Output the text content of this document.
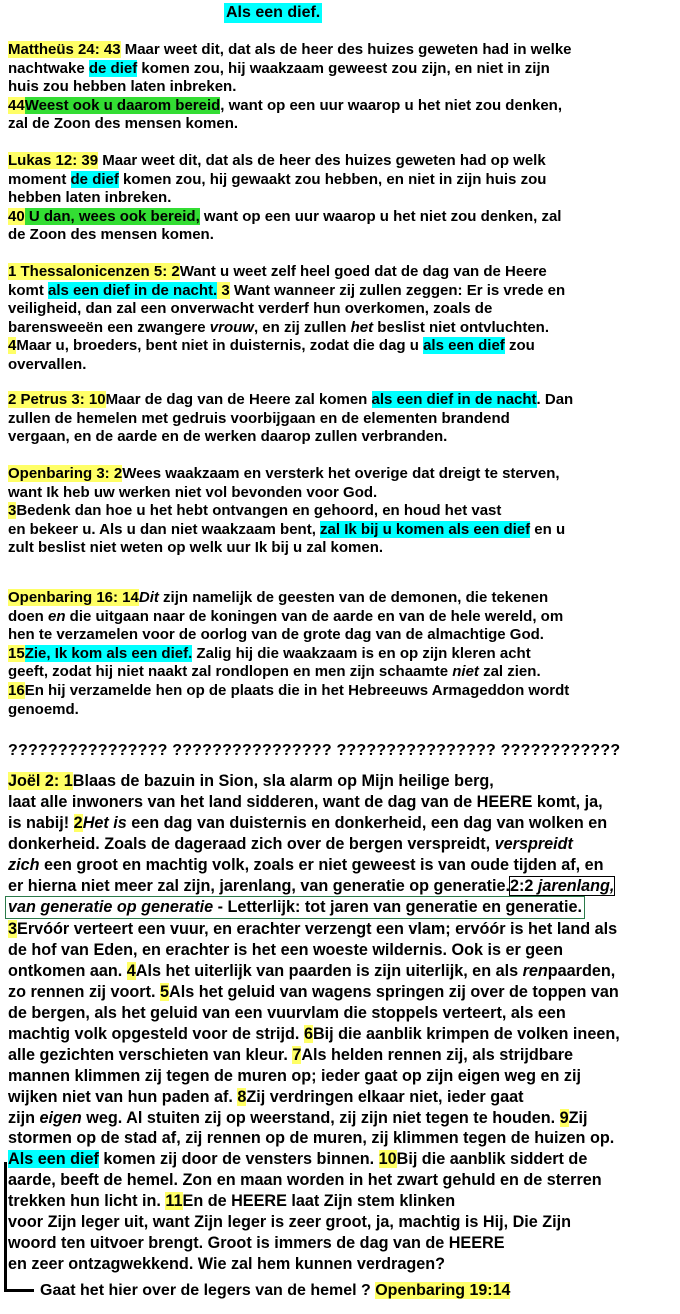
Als een dief.
Mattheüs 24: 43 Maar weet dit, dat als de heer des huizes geweten had in welke
nachtwake de dief komen zou, hij waakzaam geweest zou zijn, en niet in zijn
huis zou hebben laten inbreken.
44Weest ook u daarom bereid, want op een uur waarop u het niet zou denken,
zal de Zoon des mensen komen.
Lukas 12: 39 Maar weet dit, dat als de heer des huizes geweten had op welk
moment de dief komen zou, hij gewaakt zou hebben, en niet in zijn huis zou
hebben laten inbreken.
40 U dan, wees ook bereid, want op een uur waarop u het niet zou denken, zal
de Zoon des mensen komen.
1 Thessalonicenzen 5: 2Want u weet zelf heel goed dat de dag van de Heere
komt als een dief in de nacht. 3 Want wanneer zij zullen zeggen: Er is vrede en
veiligheid, dan zal een onverwacht verderf hun overkomen, zoals de
barensweeën een zwangere vrouw, en zij zullen het beslist niet ontvluchten.
4Maar u, broeders, bent niet in duisternis, zodat die dag u als een dief zou
overvallen.
2 Petrus 3: 10Maar de dag van de Heere zal komen als een dief in de nacht. Dan
zullen de hemelen met gedruis voorbijgaan en de elementen brandend
vergaan, en de aarde en de werken daarop zullen verbranden.
Openbaring 3: 2Wees waakzaam en versterk het overige dat dreigt te sterven,
want Ik heb uw werken niet vol bevonden voor God.
3Bedenk dan hoe u het hebt ontvangen en gehoord, en houd het vast
en bekeer u. Als u dan niet waakzaam bent, zal Ik bij u komen als een dief en u
zult beslist niet weten op welk uur Ik bij u zal komen.
Openbaring 16: 14Dit zijn namelijk de geesten van de demonen, die tekenen
doen en die uitgaan naar de koningen van de aarde en van de hele wereld, om
hen te verzamelen voor de oorlog van de grote dag van de almachtige God.
15Zie, Ik kom als een dief. Zalig hij die waakzaam is en op zijn kleren acht
geeft, zodat hij niet naakt zal rondlopen en men zijn schaamte niet zal zien.
16En hij verzamelde hen op de plaats die in het Hebreeuws Armageddon wordt
genoemd.
???????????????? ???????????????? ???????????????? ????????????
Joël 2: 1Blaas de bazuin in Sion, sla alarm op Mijn heilige berg,
laat alle inwoners van het land sidderen, want de dag van de HEERE komt, ja,
is nabij! 2Het is een dag van duisternis en donkerheid, een dag van wolken en
donkerheid. Zoals de dageraad zich over de bergen verspreidt, verspreidt
zich een groot en machtig volk, zoals er niet geweest is van oude tijden af, en
er hierna niet meer zal zijn, jarenlang, van generatie op generatie.2:2 jarenlang,
van generatie op generatie - Letterlijk: tot jaren van generatie en generatie.
3Ervóór verteert een vuur, en erachter verzengt een vlam; ervóór is het land als
de hof van Eden, en erachter is het een woeste wildernis. Ook is er geen
ontkomen aan. 4Als het uiterlijk van paarden is zijn uiterlijk, en als renpaarden,
zo rennen zij voort. 5Als het geluid van wagens springen zij over de toppen van
de bergen, als het geluid van een vuurvlam die stoppels verteert, als een
machtig volk opgesteld voor de strijd. 6Bij die aanblik krimpen de volken ineen,
alle gezichten verschieten van kleur. 7Als helden rennen zij, als strijdbare
mannen klimmen zij tegen de muren op; ieder gaat op zijn eigen weg en zij
wijken niet van hun paden af. 8Zij verdringen elkaar niet, ieder gaat
zijn eigen weg. Al stuiten zij op weerstand, zij zijn niet tegen te houden. 9Zij
stormen op de stad af, zij rennen op de muren, zij klimmen tegen de huizen op.
Als een dief komen zij door de vensters binnen. 10Bij die aanblik siddert de
aarde, beeft de hemel. Zon en maan worden in het zwart gehuld en de sterren
trekken hun licht in. 11En de HEERE laat Zijn stem klinken
voor Zijn leger uit, want Zijn leger is zeer groot, ja, machtig is Hij, Die Zijn
woord ten uitvoer brengt. Groot is immers de dag van de HEERE
en zeer ontzagwekkend. Wie zal hem kunnen verdragen?
Gaat het hier over de legers van de hemel ? Openbaring 19:14
